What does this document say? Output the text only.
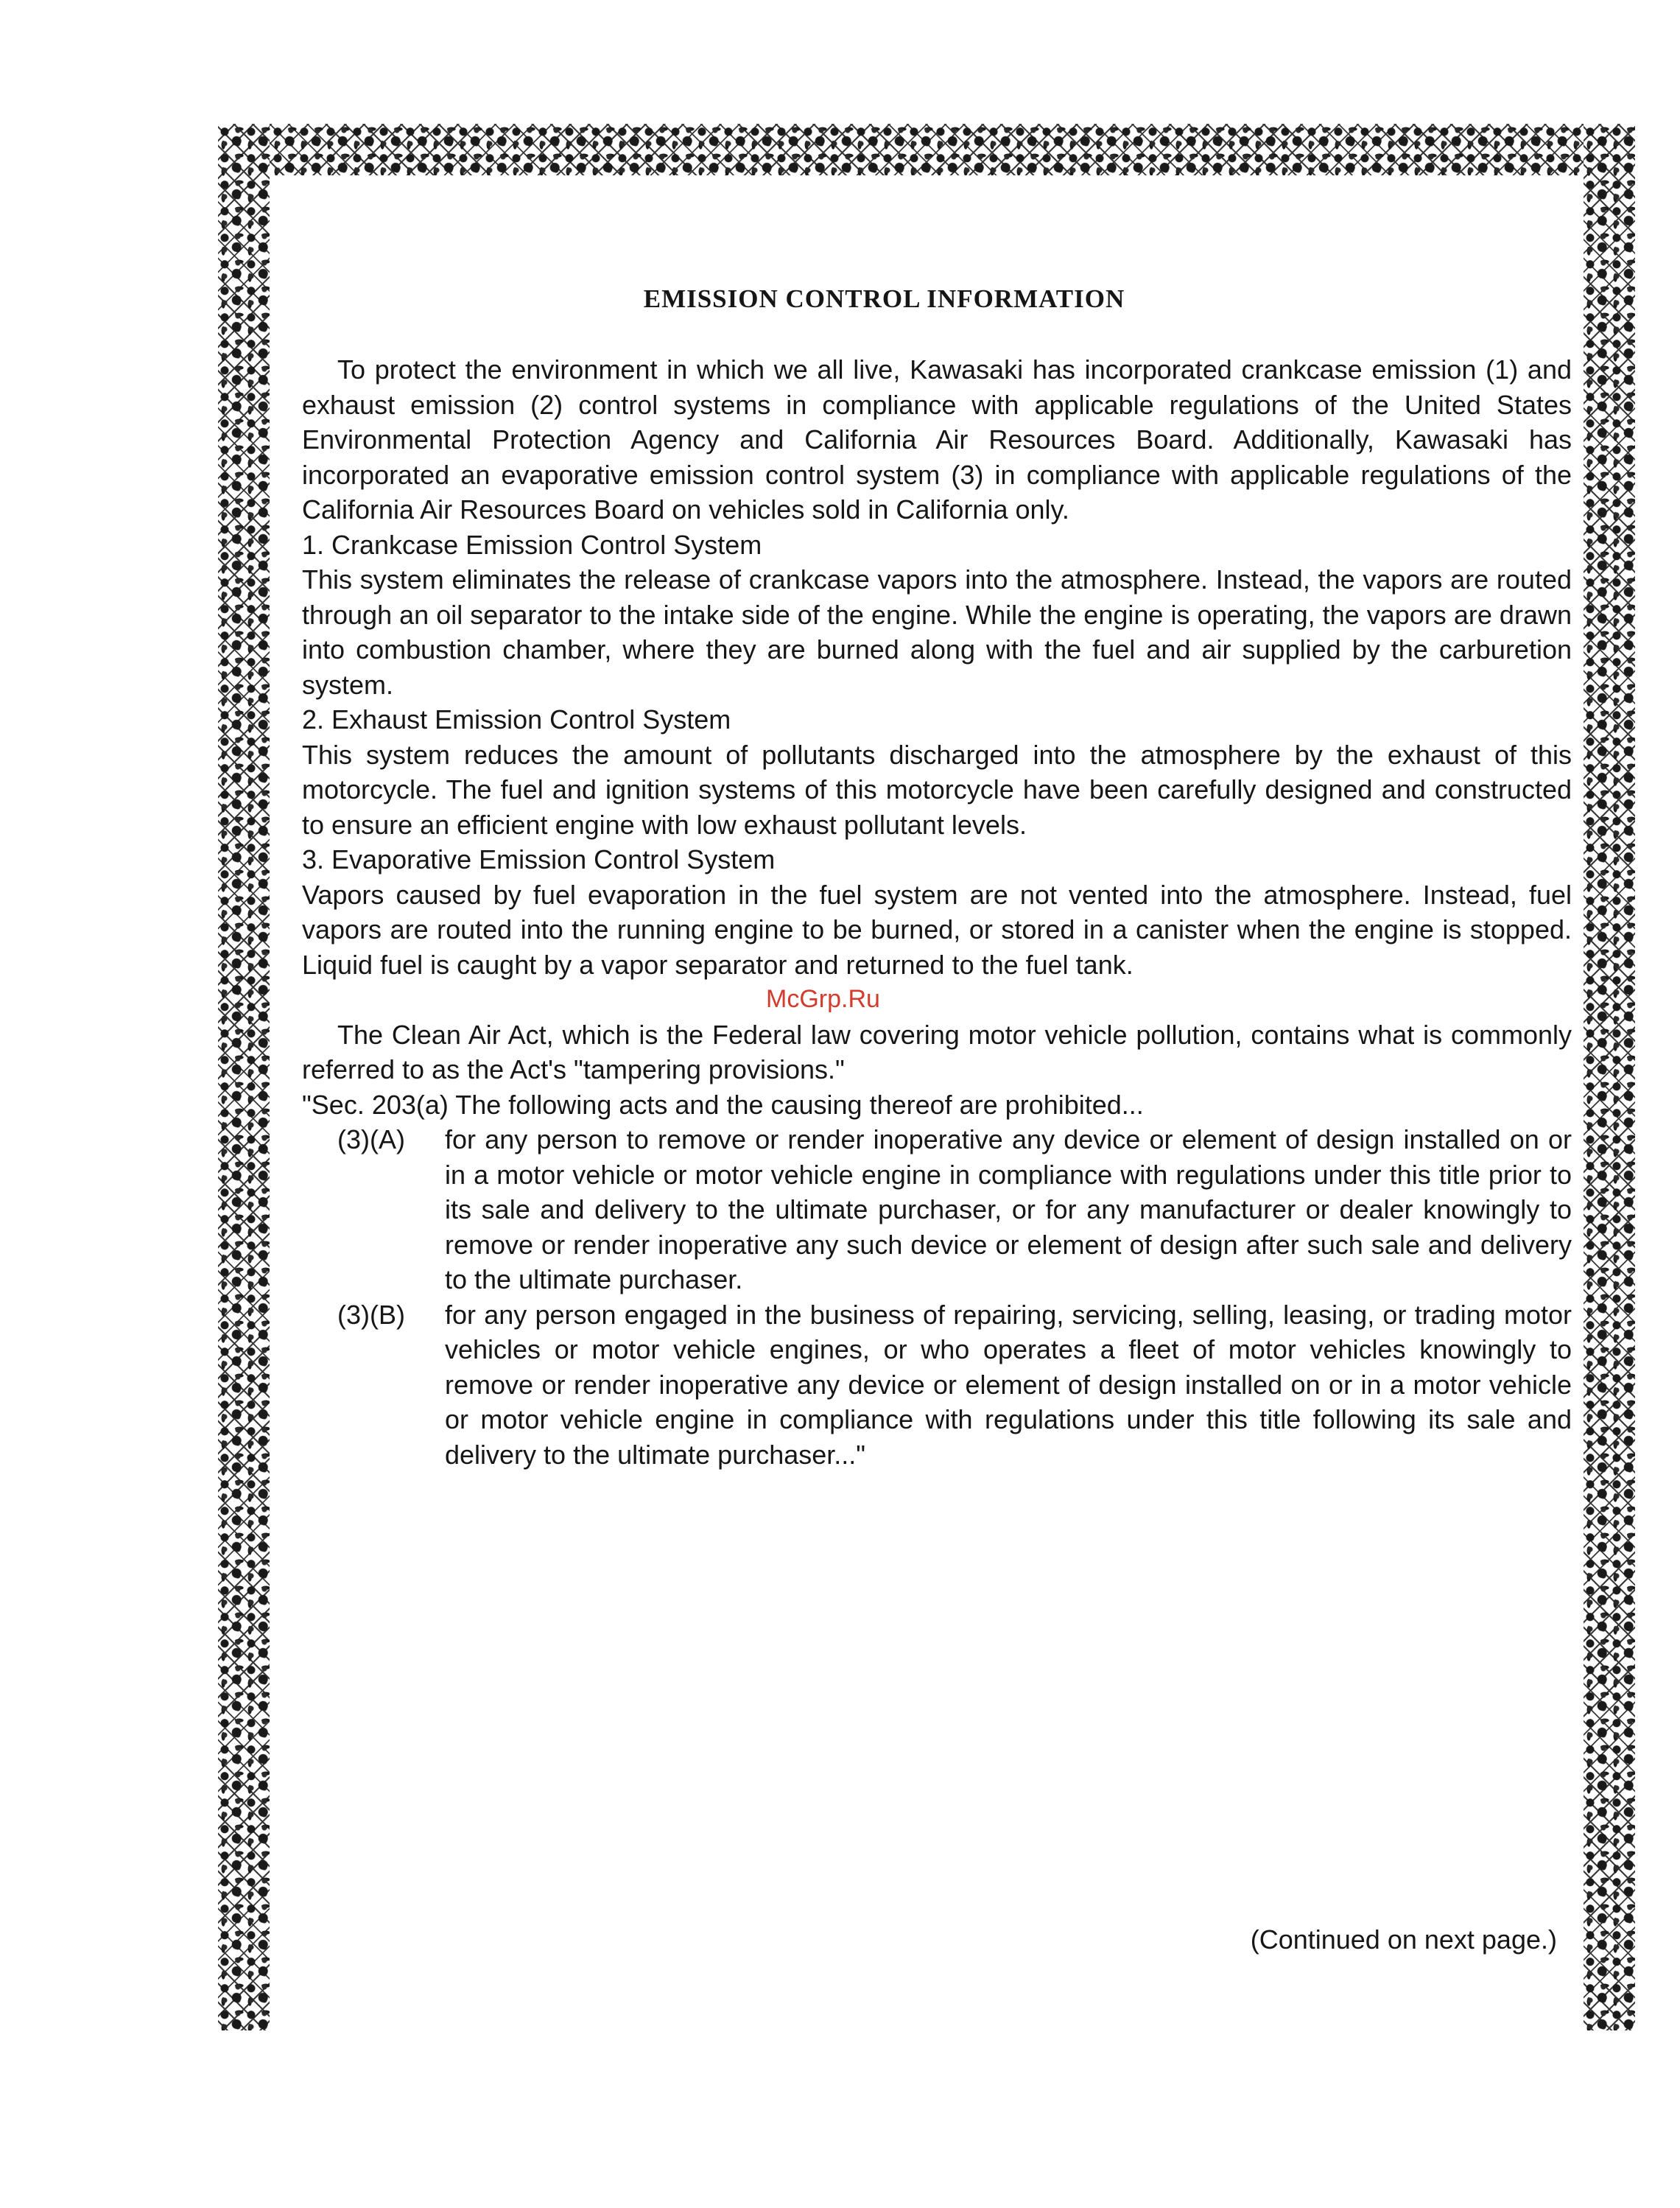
EMISSION CONTROL INFORMATION

To protect the environment in which we all live, Kawasaki has incorporated crankcase emission (1) and exhaust emission (2) control systems in compliance with applicable regulations of the United States Environmental Protection Agency and California Air Resources Board. Additionally, Kawasaki has incorporated an evaporative emission control system (3) in compliance with applicable regulations of the California Air Resources Board on vehicles sold in California only.

1. Crankcase Emission Control System

This system eliminates the release of crankcase vapors into the atmosphere. Instead, the vapors are routed through an oil separator to the intake side of the engine. While the engine is operating, the vapors are drawn into combustion chamber, where they are burned along with the fuel and air supplied by the carburetion system.

2. Exhaust Emission Control System

This system reduces the amount of pollutants discharged into the atmosphere by the exhaust of this motorcycle. The fuel and ignition systems of this motorcycle have been carefully designed and constructed to ensure an efficient engine with low exhaust pollutant levels.

3. Evaporative Emission Control System

Vapors caused by fuel evaporation in the fuel system are not vented into the atmosphere. Instead, fuel vapors are routed into the running engine to be burned, or stored in a canister when the engine is stopped. Liquid fuel is caught by a vapor separator and returned to the fuel tank.

McGrp.Ru

The Clean Air Act, which is the Federal law covering motor vehicle pollution, contains what is commonly referred to as the Act's "tampering provisions."

"Sec. 203(a) The following acts and the causing thereof are prohibited...

(3)(A)	for any person to remove or render inoperative any device or element of design installed on or in a motor vehicle or motor vehicle engine in compliance with regulations under this title prior to its sale and delivery to the ultimate purchaser, or for any manufacturer or dealer knowingly to remove or render inoperative any such device or element of design after such sale and delivery to the ultimate purchaser.
(3)(B)	for any person engaged in the business of repairing, servicing, selling, leasing, or trading motor vehicles or motor vehicle engines, or who operates a fleet of motor vehicles knowingly to remove or render inoperative any device or element of design installed on or in a motor vehicle or motor vehicle engine in compliance with regulations under this title following its sale and delivery to the ultimate purchaser..."
(Continued on next page.)
